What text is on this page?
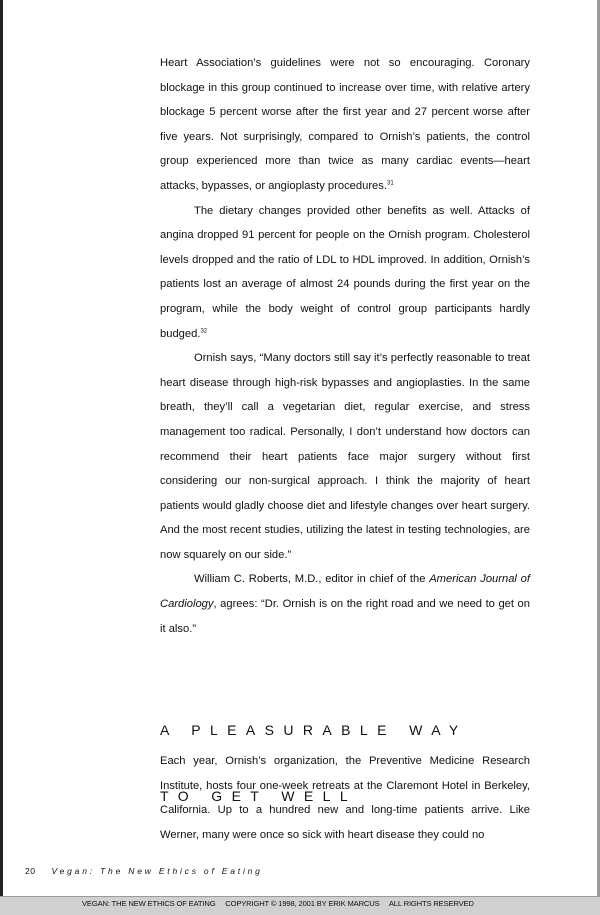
Heart Association’s guidelines were not so encouraging. Coronary blockage in this group continued to increase over time, with relative artery blockage 5 percent worse after the first year and 27 percent worse after five years. Not surprisingly, compared to Ornish’s patients, the control group experienced more than twice as many cardiac events—heart attacks, bypasses, or angioplasty procedures.$^{31}$

The dietary changes provided other benefits as well. Attacks of angina dropped 91 percent for people on the Ornish program. Cholesterol levels dropped and the ratio of LDL to HDL improved. In addition, Ornish’s patients lost an average of almost 24 pounds during the first year on the program, while the body weight of control group participants hardly budged.$^{32}$

Ornish says, “Many doctors still say it’s perfectly reasonable to treat heart disease through high-risk bypasses and angioplasties. In the same breath, they’ll call a vegetarian diet, regular exercise, and stress management too radical. Personally, I don’t understand how doctors can recommend their heart patients face major surgery without first considering our non-surgical approach. I think the majority of heart patients would gladly choose diet and lifestyle changes over heart surgery. And the most recent studies, utilizing the latest in testing technologies, are now squarely on our side.”

William C. Roberts, M.D., editor in chief of the American Journal of Cardiology, agrees: “Dr. Ornish is on the right road and we need to get on it also.”

A PLEASURABLE WAY

TO GET WELL

Each year, Ornish’s organization, the Preventive Medicine Research Institute, hosts four one-week retreats at the Claremont Hotel in Berkeley, California. Up to a hundred new and long-time patients arrive. Like Werner, many were once so sick with heart disease they could no

20 Vegan: The New Ethics of Eating
VEGAN: THE NEW ETHICS OF EATING     COPYRIGHT © 1998, 2001 BY ERIK MARCUS     ALL RIGHTS RESERVED
